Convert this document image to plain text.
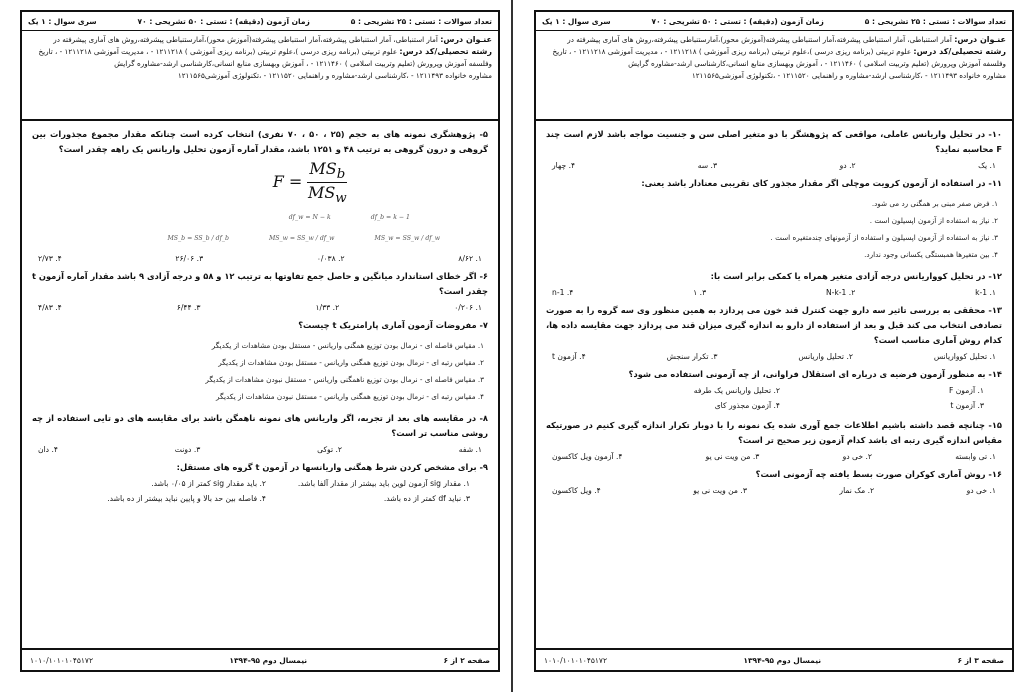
تعداد سوالات : تستی : ۲۵ تشریحی : ۵
زمان آزمون (دقیقه) : تستی : ۵۰ تشریحی : ۷۰
سری سوال : ۱ یک
عنـوان درس: آمار استنباطی، آمار استنباطی پیشرفته،آمار استنباطی پیشرفته(آموزش محور)،آمارستنباطی پیشرفته،روش های آماری پیشرفته در
رشته تحصیلی/کد درس: علوم تربیتی (برنامه ریزی درسی )،علوم تربیتی (برنامه ریزی آموزشی ) ۱۲۱۱۲۱۸ - ، مدیریت آموزشی ۱۲۱۱۲۱۸ - ، تاریخ
وفلسفه آموزش وپرورش (تعلیم وتربیت اسلامی ) ۱۲۱۱۴۶۰ - ، آموزش وبهسازی منابع انسانی،کارشناسی ارشد-مشاوره گرایش
مشاوره خانواده ۱۲۱۱۴۹۳ - ،کارشناسی ارشد-مشاوره و راهنمایی ۱۲۱۱۵۲۰ - ،تکنولوژی آموزشی۱۲۱۱۵۶۵
۵- پژوهشگری نمونه های به حجم (۲۵ ، ۵۰ ، ۷۰ نفری) انتخاب کرده است چنانکه مقدار مجموع مجذورات بین گروهی و درون گروهی به ترتیب ۴۸ و ۱۲۵۱ باشد، مقدار آماره آزمون تحلیل واریانس یک راهه چقدر است؟
$F = \frac{MS_b}{MS_w}$
df_w = N − k	df_b = k − 1
MS_b = SS_b / df_b	MS_w = SS_w / df_w	MS_w = SS_w / df_w
۱. ۸/۶۲
۲. ۰/۰۳۸
۳. ۲۶/۰۶
۴. ۲/۷۳
۶- اگر خطای استاندارد میانگین و حاصل جمع تفاوتها به ترتیب ۱۲ و ۵۸ و درجه آزادی ۹ باشد مقدار آماره آزمون t چقدر است؟
۱. ۰/۲۰۶
۲. ۱/۳۳
۳. ۶/۴۴
۴. ۴/۸۳
۷- مفروضات آزمون آماری پارامتریک t چیست؟
۱. مقیاس فاصله ای - نرمال بودن توزیع همگنی واریانس - مستقل بودن مشاهدات از یکدیگر
۲. مقیاس رتبه ای - نرمال بودن توزیع همگنی واریانس - مستقل بودن مشاهدات از یکدیگر
۳. مقیاس فاصله ای - نرمال بودن توزیع ناهمگنی واریانس - مستقل نبودن مشاهدات از یکدیگر
۴. مقیاس رتبه ای - نرمال بودن توزیع همگنی واریانس - مستقل نبودن مشاهدات از یکدیگر
۸- در مقایسه های بعد از تجربه، اگر واریانس های نمونه ناهمگن باشد برای مقایسه های دو تایی استفاده از چه روشی مناسب تر است؟
۱. شفه
۲. توکی
۳. دونت
۴. دان
۹- برای مشخص کردن شرط همگنی واریانسها در آزمون t گروه های مستقل:
۱. مقدار sig آزمون لوین باید بیشتر از مقدار آلفا باشد.
۲. باید مقدار sig کمتر از ۰/۰۵ باشد.
۳. نباید df کمتر از ده باشد.
۴. فاصله بین حد بالا و پایین نباید بیشتر از ده باشد.
صفحه ۲ از ۶
نیمسال دوم ۹۵-۱۳۹۴
۱۰۱۰/۱۰۱۰۱۰۴۵۱۷۲
تعداد سوالات : تستی : ۲۵ تشریحی : ۵
زمان آزمون (دقیقه) : تستی : ۵۰ تشریحی : ۷۰
سری سوال : ۱ یک
عنـوان درس: آمار استنباطی، آمار استنباطی پیشرفته،آمار استنباطی پیشرفته(آموزش محور)،آمارستنباطی پیشرفته،روش های آماری پیشرفته در
رشته تحصیلی/کد درس: علوم تربیتی (برنامه ریزی درسی )،علوم تربیتی (برنامه ریزی آموزشی ) ۱۲۱۱۲۱۸ - ، مدیریت آموزشی ۱۲۱۱۲۱۸ - ، تاریخ
وفلسفه آموزش وپرورش (تعلیم وتربیت اسلامی ) ۱۲۱۱۴۶۰ - ، آموزش وبهسازی منابع انسانی،کارشناسی ارشد-مشاوره گرایش
مشاوره خانواده ۱۲۱۱۴۹۳ - ،کارشناسی ارشد-مشاوره و راهنمایی ۱۲۱۱۵۲۰ - ،تکنولوژی آموزشی۱۲۱۱۵۶۵
۱۰- در تحلیل واریانس عاملی، مواقعی که پژوهشگر با دو متغیر اصلی سن و جنسیت مواجه باشد لازم است چند F محاسبه نماید؟
۱. یک
۲. دو
۳. سه
۴. چهار
۱۱- در استفاده از آزمون کرویت موچلی اگر مقدار مجذور کای تقریبی معنادار باشد یعنی:
۱. فرض صفر مبنی بر همگنی رد می شود.
۲. نیاز به استفاده از آزمون اپسیلون است .
۳. نیاز به استفاده از آزمون اپسیلون و استفاده از آزمونهای چندمتغیره است .
۴. بین متغیرها همبستگی یکسانی وجود ندارد.
۱۲- در تحلیل کوواریانس درجه آزادی متغیر همراه یا کمکی برابر است با:
۱. k-1
۲. N-k-1
۳. ۱
۴. n-1
۱۳- محققی به بررسی تاثیر سه دارو جهت کنترل قند خون می پردازد به همین منظور وی سه گروه را به صورت تصادفی انتخاب می کند قبل و بعد از استفاده از دارو به اندازه گیری میزان قند می پردازد جهت مقایسه داده ها، کدام روش آماری مناسب است؟
۱. تحلیل کوواریانس
۲. تحلیل واریانس
۳. تکرار سنجش
۴. آزمون t
۱۴- به منظور آزمون فرضیه ی درباره ای استقلال فراوانی، از چه آزمونی استفاده می شود؟
۱. آزمون F
۲. تحلیل واریانس یک طرفه
۳. آزمون t
۴. آزمون مجذور کای
۱۵- چنانچه قصد داشته باشیم اطلاعات جمع آوری شده یک نمونه را با دوبار تکرار اندازه گیری کنیم در صورتیکه مقیاس اندازه گیری رتبه ای باشد کدام آزمون زیر صحیح تر است؟
۱. تی وابسته
۲. خی دو
۳. من ویت نی یو
۴. آزمون ویل کاکسون
۱۶- روش آماری کوکران صورت بسط یافته چه آزمونی است؟
۱. خی دو
۲. مک نمار
۳. من ویت نی یو
۴. ویل کاکسون
صفحه ۳ از ۶
نیمسال دوم ۹۵-۱۳۹۴
۱۰۱۰/۱۰۱۰۱۰۴۵۱۷۲
